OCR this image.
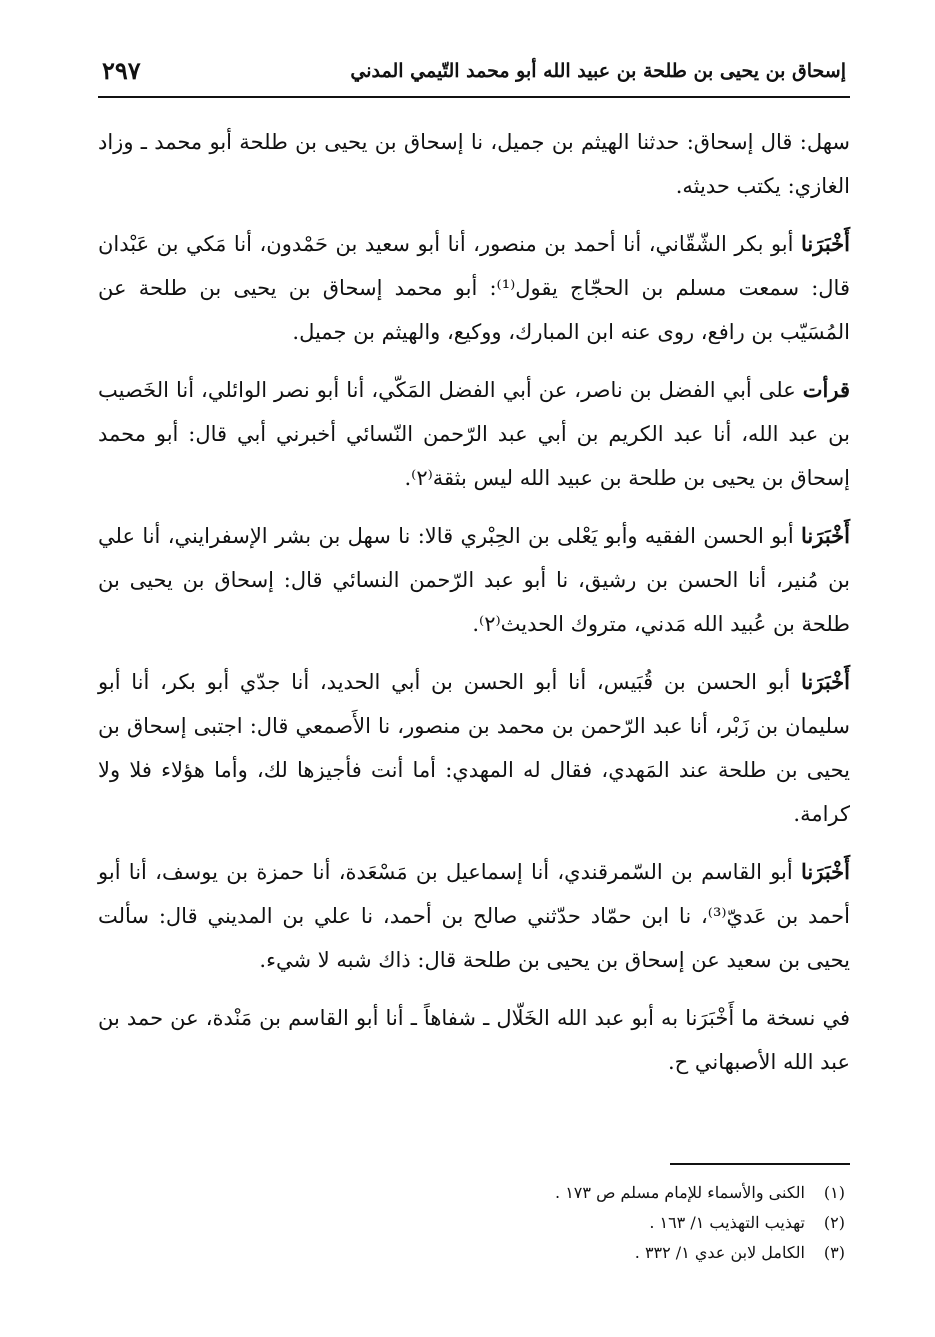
إسحاق بن يحيى بن طلحة بن عبيد الله أبو محمد التّيمي المدني
٢٩٧

سهل: قال إسحاق: حدثنا الهيثم بن جميل، نا إسحاق بن يحيى بن طلحة أبو محمد ـ وزاد الغازي: يكتب حديثه.

أَخْبَرَنا أبو بكر الشّقّاني، أنا أحمد بن منصور، أنا أبو سعيد بن حَمْدون، أنا مَكي بن عَبْدان قال: سمعت مسلم بن الحجّاج يقول⁽¹⁾: أبو محمد إسحاق بن يحيى بن طلحة عن المُسَيّب بن رافع، روى عنه ابن المبارك، ووكيع، والهيثم بن جميل.

قرأت على أبي الفضل بن ناصر، عن أبي الفضل المَكّي، أنا أبو نصر الوائلي، أنا الخَصيب بن عبد الله، أنا عبد الكريم بن أبي عبد الرّحمن النّسائي أخبرني أبي قال: أبو محمد إسحاق بن يحيى بن طلحة بن عبيد الله ليس بثقة⁽٢⁾.

أَخْبَرَنا أبو الحسن الفقيه وأبو يَعْلى بن الحِبْري قالا: نا سهل بن بشر الإسفرايني، أنا علي بن مُنير، أنا الحسن بن رشيق، نا أبو عبد الرّحمن النسائي قال: إسحاق بن يحيى بن طلحة بن عُبيد الله مَدني، متروك الحديث⁽٢⁾.

أَخْبَرَنا أبو الحسن بن قُبَيس، أنا أبو الحسن بن أبي الحديد، أنا جدّي أبو بكر، أنا أبو سليمان بن زَبْر، أنا عبد الرّحمن بن محمد بن منصور، نا الأَصمعي قال: اجتبى إسحاق بن يحيى بن طلحة عند المَهدي، فقال له المهدي: أما أنت فأجيزها لك، وأما هؤلاء فلا ولا كرامة.

أَخْبَرَنا أبو القاسم بن السّمرقندي، أنا إسماعيل بن مَسْعَدة، أنا حمزة بن يوسف، أنا أبو أحمد بن عَديّ⁽³⁾، نا ابن حمّاد حدّثني صالح بن أحمد، نا علي بن المديني قال: سألت يحيى بن سعيد عن إسحاق بن يحيى بن طلحة قال: ذاك شبه لا شيء.

في نسخة ما أَخْبَرَنا به أبو عبد الله الخَلّال ـ شفاهاً ـ أنا أبو القاسم بن مَنْدة، عن حمد بن عبد الله الأصبهاني ح.

(١)الكنى والأسماء للإمام مسلم ص ١٧٣ .
(٢)تهذيب التهذيب ١/ ١٦٣ .
(٣)الكامل لابن عدي ١/ ٣٣٢ .
